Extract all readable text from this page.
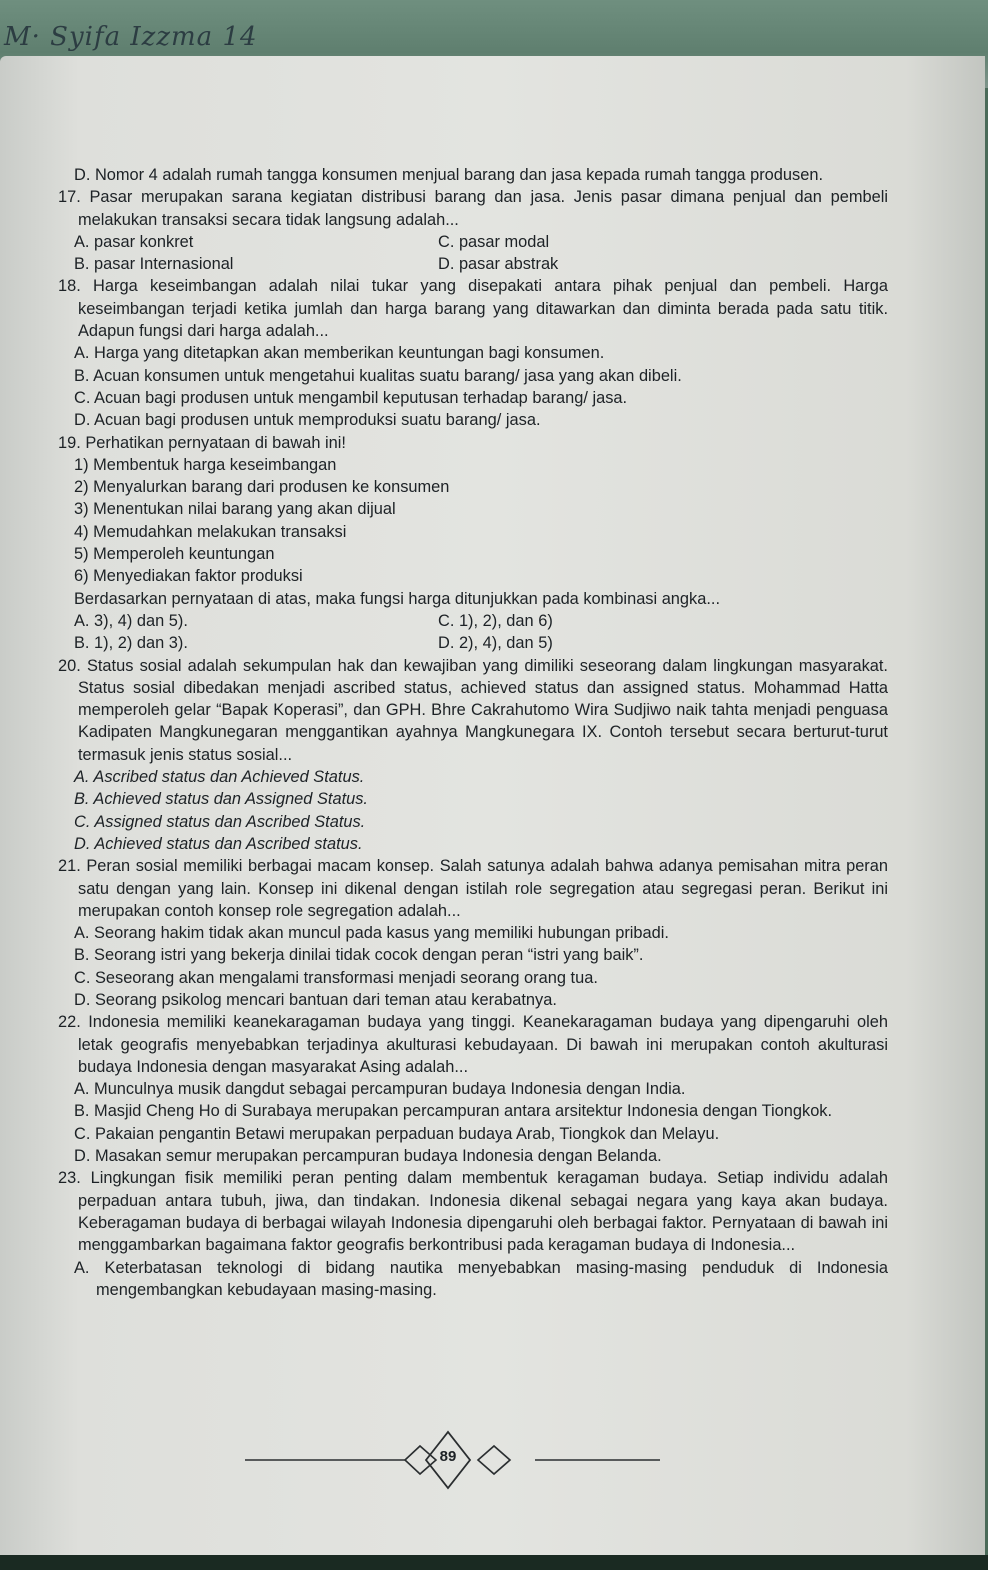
M· Syifa Izzma 14

D. Nomor 4 adalah rumah tangga konsumen menjual barang dan jasa kepada rumah tangga produsen.

17. Pasar merupakan sarana kegiatan distribusi barang dan jasa. Jenis pasar dimana penjual dan pembeli melakukan transaksi secara tidak langsung adalah...

A. pasar konkret	C. pasar modal
B. pasar Internasional	D. pasar abstrak

18. Harga keseimbangan adalah nilai tukar yang disepakati antara pihak penjual dan pembeli. Harga keseimbangan terjadi ketika jumlah dan harga barang yang ditawarkan dan diminta berada pada satu titik. Adapun fungsi dari harga adalah...

A. Harga yang ditetapkan akan memberikan keuntungan bagi konsumen.

B. Acuan konsumen untuk mengetahui kualitas suatu barang/ jasa yang akan dibeli.

C. Acuan bagi produsen untuk mengambil keputusan terhadap barang/ jasa.

D. Acuan bagi produsen untuk memproduksi suatu barang/ jasa.

19. Perhatikan pernyataan di bawah ini!

1) Membentuk harga keseimbangan

2) Menyalurkan barang dari produsen ke konsumen

3) Menentukan nilai barang yang akan dijual

4) Memudahkan melakukan transaksi

5) Memperoleh keuntungan

6) Menyediakan faktor produksi

Berdasarkan pernyataan di atas, maka fungsi harga ditunjukkan pada kombinasi angka...

A. 3), 4) dan 5).	C. 1), 2), dan 6)
B. 1), 2) dan 3).	D. 2), 4), dan 5)

20. Status sosial adalah sekumpulan hak dan kewajiban yang dimiliki seseorang dalam lingkungan masyarakat. Status sosial dibedakan menjadi ascribed status, achieved status dan assigned status. Mohammad Hatta memperoleh gelar “Bapak Koperasi”, dan GPH. Bhre Cakrahutomo Wira Sudjiwo naik tahta menjadi penguasa Kadipaten Mangkunegaran menggantikan ayahnya Mangkunegara IX. Contoh tersebut secara berturut-turut termasuk jenis status sosial...

A. Ascribed status dan Achieved Status.

B. Achieved status dan Assigned Status.

C. Assigned status dan Ascribed Status.

D. Achieved status dan Ascribed status.

21. Peran sosial memiliki berbagai macam konsep. Salah satunya adalah bahwa adanya pemisahan mitra peran satu dengan yang lain. Konsep ini dikenal dengan istilah role segregation atau segregasi peran. Berikut ini merupakan contoh konsep role segregation adalah...

A. Seorang hakim tidak akan muncul pada kasus yang memiliki hubungan pribadi.

B. Seorang istri yang bekerja dinilai tidak cocok dengan peran “istri yang baik”.

C. Seseorang akan mengalami transformasi menjadi seorang orang tua.

D. Seorang psikolog mencari bantuan dari teman atau kerabatnya.

22. Indonesia memiliki keanekaragaman budaya yang tinggi. Keanekaragaman budaya yang dipengaruhi oleh letak geografis menyebabkan terjadinya akulturasi kebudayaan. Di bawah ini merupakan contoh akulturasi budaya Indonesia dengan masyarakat Asing adalah...

A. Munculnya musik dangdut sebagai percampuran budaya Indonesia dengan India.

B. Masjid Cheng Ho di Surabaya merupakan percampuran antara arsitektur Indonesia dengan Tiongkok.

C. Pakaian pengantin Betawi merupakan perpaduan budaya Arab, Tiongkok dan Melayu.

D. Masakan semur merupakan percampuran budaya Indonesia dengan Belanda.

23. Lingkungan fisik memiliki peran penting dalam membentuk keragaman budaya. Setiap individu adalah perpaduan antara tubuh, jiwa, dan tindakan. Indonesia dikenal sebagai negara yang kaya akan budaya. Keberagaman budaya di berbagai wilayah Indonesia dipengaruhi oleh berbagai faktor. Pernyataan di bawah ini menggambarkan bagaimana faktor geografis berkontribusi pada keragaman budaya di Indonesia...

A. Keterbatasan teknologi di bidang nautika menyebabkan masing-masing penduduk di Indonesia mengembangkan kebudayaan masing-masing.

89
